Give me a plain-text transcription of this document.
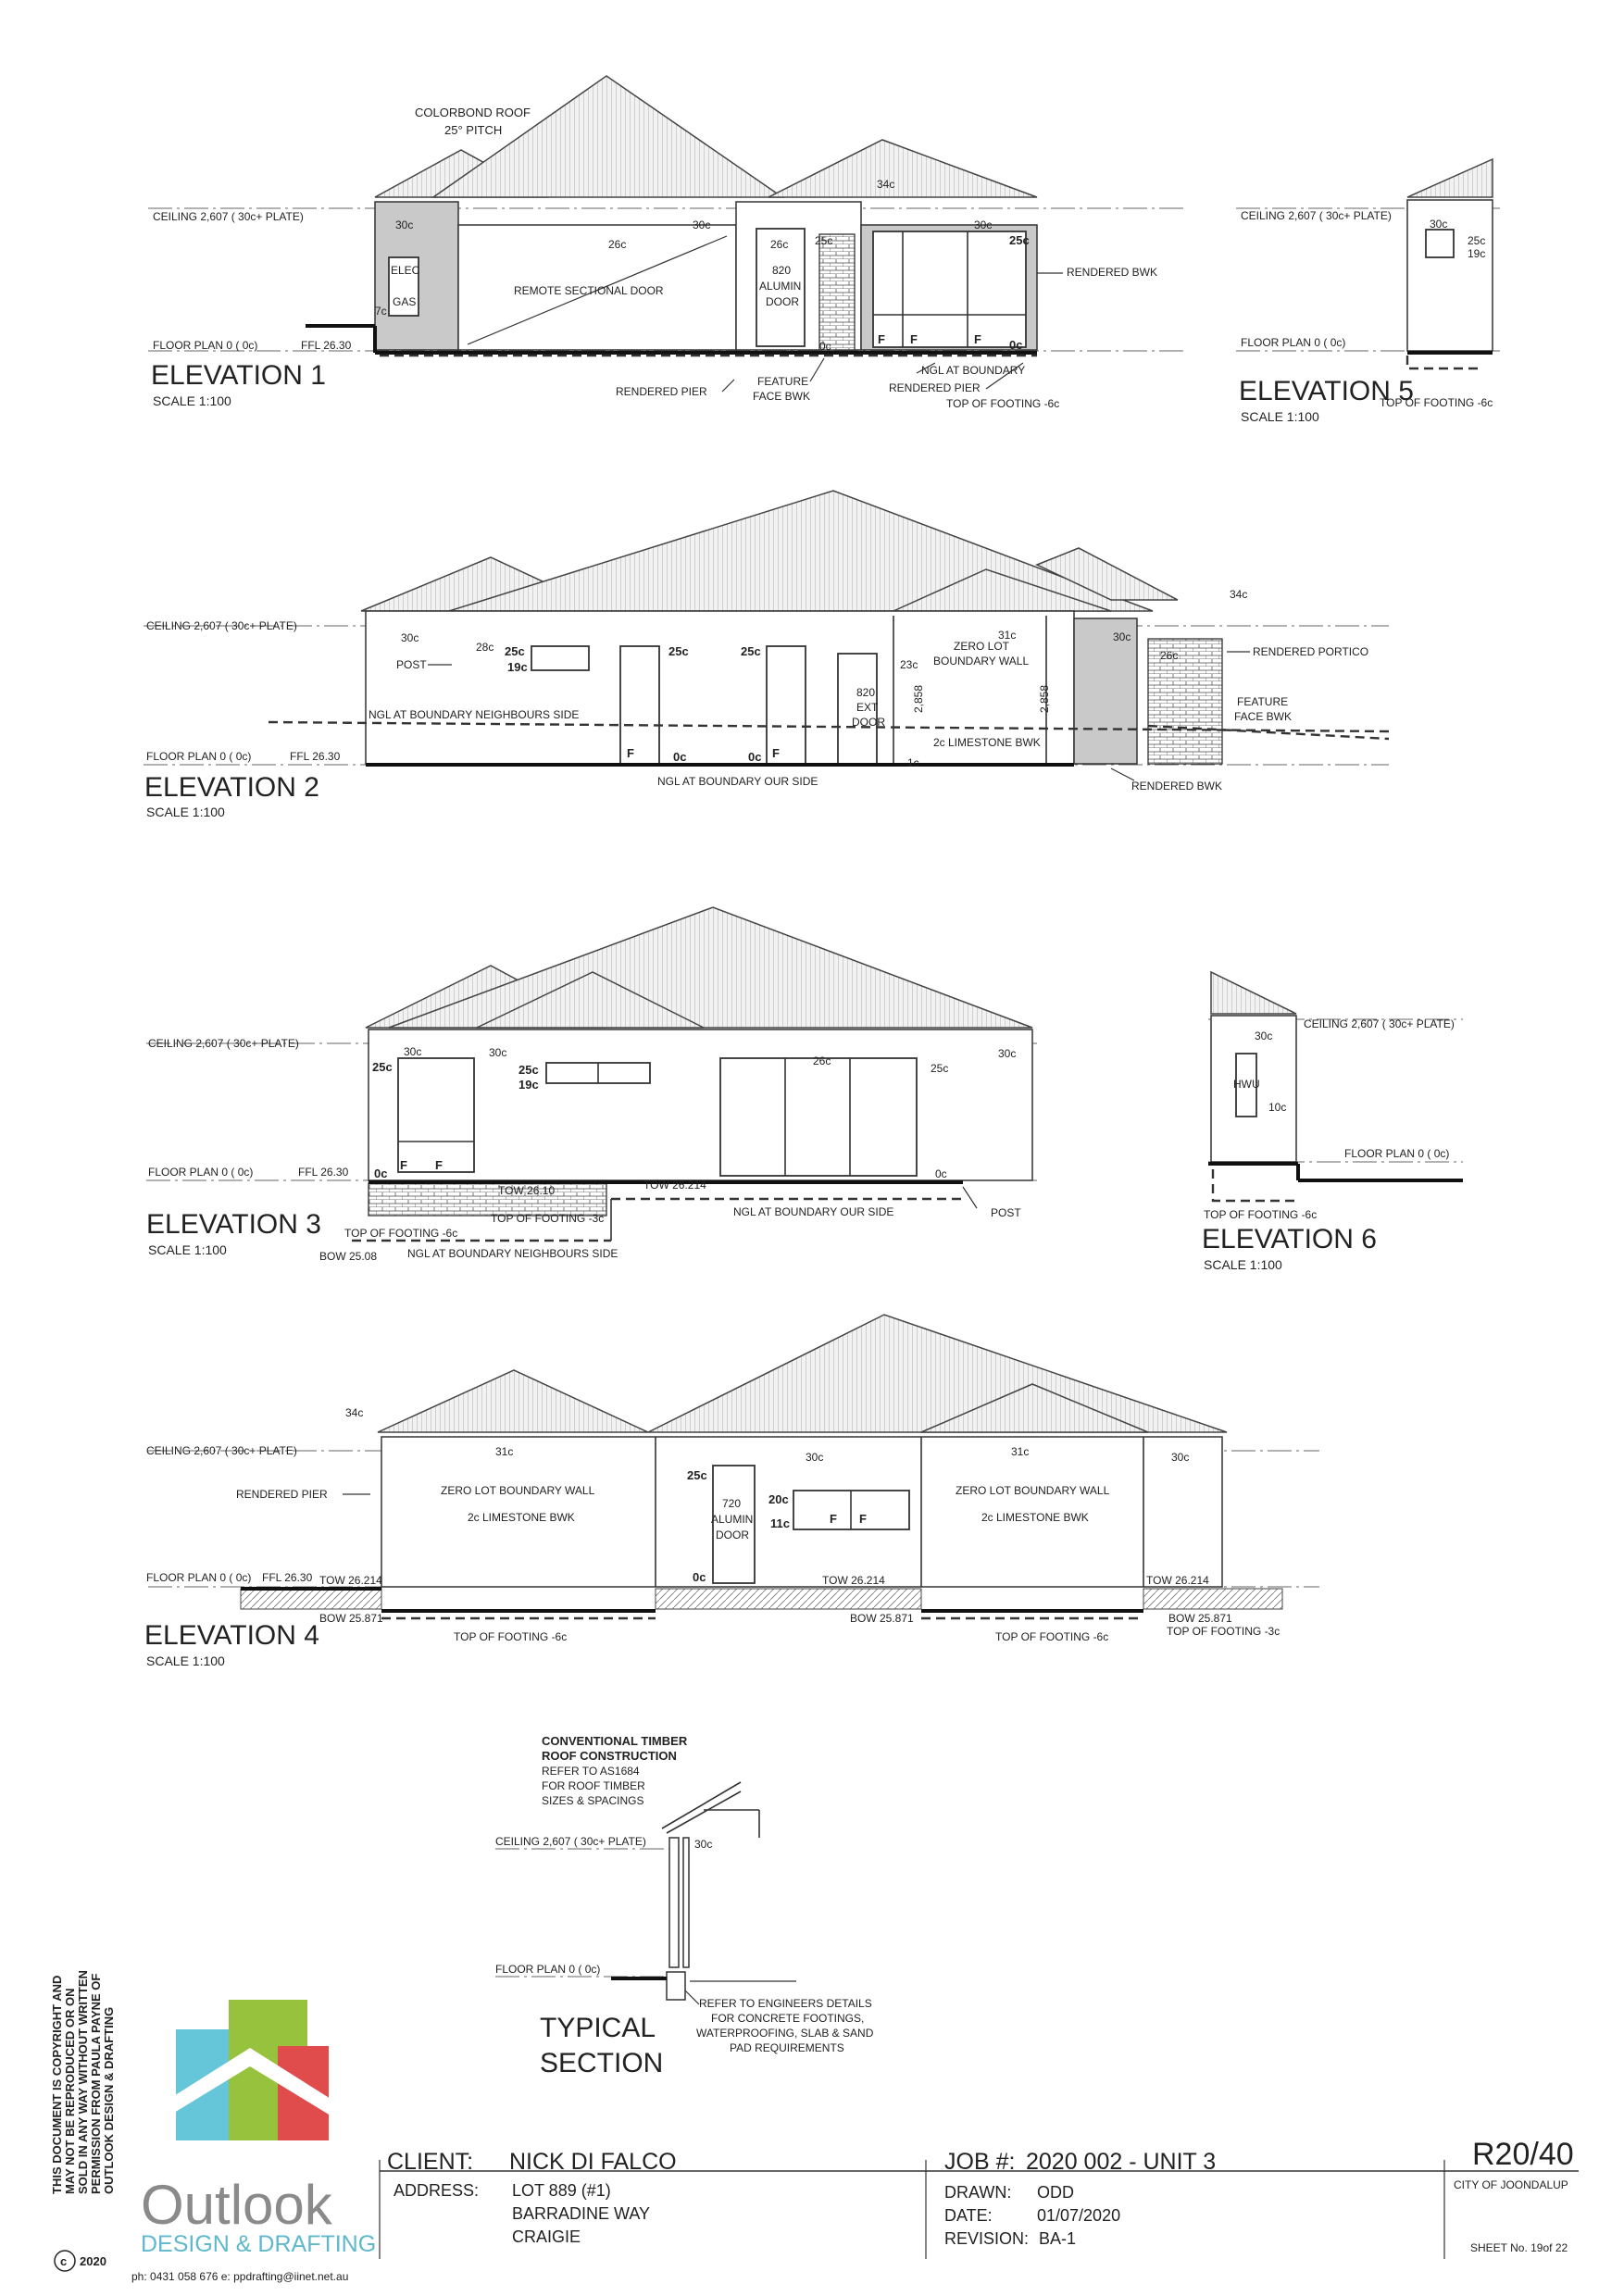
COLORBOND ROOF
25° PITCH
CEILING 2,607 ( 30c+ PLATE)
FLOOR PLAN 0 ( 0c)	FFL 26.30
30c
26c
30c
34c
30c
25c
26c 25c
7c
0c	0c
ELEC
GAS
REMOTE SECTIONAL DOOR
820
ALUMIN
DOOR
RENDERED BWK
RENDERED PIER
FEATURE
FACE BWK
RENDERED PIER
NGL AT BOUNDARY
TOP OF FOOTING -6c
F F	F
ELEVATION 1
SCALE 1:100
CEILING 2,607 ( 30c+ PLATE)
FLOOR PLAN 0 ( 0c)
30c
25c
19c
TOP OF FOOTING -6c
ELEVATION 5
SCALE 1:100
CEILING 2,607 ( 30c+ PLATE)
FLOOR PLAN 0 ( 0c)	FFL 26.30
30c
POST
28c 25c
19c
25c	25c
820
EXT
DOOR
23c
31c
ZERO LOT
BOUNDARY WALL
2c LIMESTONE BWK
30c
26c
34c
RENDERED PORTICO
FEATURE
FACE BWK
NGL AT BOUNDARY NEIGHBOURS SIDE
NGL AT BOUNDARY OUR SIDE	RENDERED BWK
0c	0c	1c
F	F
ELEVATION 2
SCALE 1:100
2,858	2,858
CEILING 2,607 ( 30c+ PLATE)
FLOOR PLAN 0 ( 0c)	FFL 26.30
30c	30c
25c	25c
19c
26c
25c
30c
0c	0c
TOW 26.10	TOW 26.214
TOP OF FOOTING -6c
TOP OF FOOTING -3c	NGL AT BOUNDARY OUR SIDE	POST
BOW 25.08	NGL AT BOUNDARY NEIGHBOURS SIDE
F F
ELEVATION 3
SCALE 1:100
CEILING 2,607 ( 30c+ PLATE)
FLOOR PLAN 0 ( 0c)
30c
HWU
10c
TOP OF FOOTING -6c
ELEVATION 6
SCALE 1:100
CEILING 2,607 ( 30c+ PLATE)
FLOOR PLAN 0 ( 0c) FFL 26.30
34c
31c	30c	31c	30c
RENDERED PIER	ZERO LOT BOUNDARY WALL
2c LIMESTONE BWK
ZERO LOT BOUNDARY WALL
2c LIMESTONE BWK
25c
720
ALUMIN
DOOR
20c
11c
0c
TOW 26.214	TOW 26.214	TOW 26.214
BOW 25.871	BOW 25.871	BOW 25.871
TOP OF FOOTING -6c	TOP OF FOOTING -6c	TOP OF FOOTING -3c
F F
ELEVATION 4
SCALE 1:100
CONVENTIONAL TIMBER
ROOF CONSTRUCTION
REFER TO AS1684
FOR ROOF TIMBER
SIZES & SPACINGS
CEILING 2,607 ( 30c+ PLATE)	30c
FLOOR PLAN 0 ( 0c)
REFER TO ENGINEERS DETAILS
FOR CONCRETE FOOTINGS,
WATERPROOFING, SLAB & SAND
PAD REQUIREMENTS
TYPICAL
SECTION
THIS DOCUMENT IS COPYRIGHT AND MAY NOT BE REPRODUCED OR ON SOLD IN ANY WAY WITHOUT WRITTEN PERMISSION FROM PAULA PAYNE OF OUTLOOK DESIGN & DRAFTING
c 2020
Outlook
DESIGN & DRAFTING
ph: 0431 058 676 e: ppdrafting@iinet.net.au
CLIENT: NICK DI FALCO
ADDRESS: LOT 889 (#1)
BARRADINE WAY
CRAIGIE
JOB #: 2020 002 - UNIT 3
DRAWN: ODD
DATE:	01/07/2020
REVISION: BA-1
R20/40
CITY OF JOONDALUP
SHEET No. 19of 22
